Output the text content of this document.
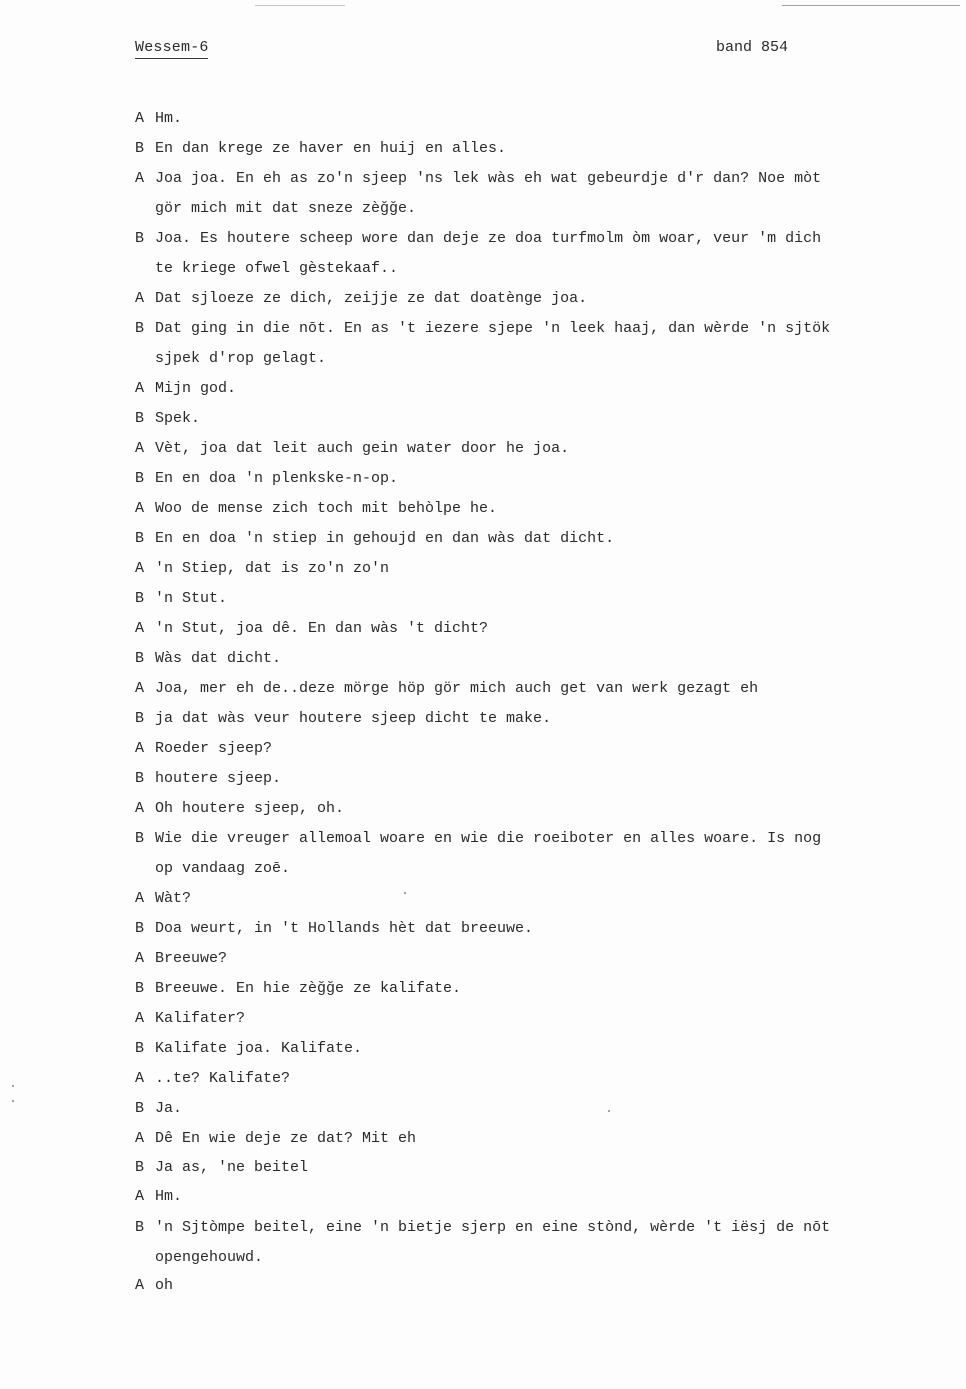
Wessem-6	band 854
A Hm.
B En dan krege ze haver en huij en alles.
A Joa joa. En eh as zo'n sjeep 'ns lek wàs eh wat gebeurdje d'r dan? Noe mòt
gör mich mit dat sneze zèğğe.
B Joa. Es houtere scheep wore dan deje ze doa turfmolm òm woar, veur 'm dich
te kriege ofwel gèstekaaf..
A Dat sjloeze ze dich, zeijje ze dat doatènge joa.
B Dat ging in die nōt. En as 't iezere sjepe 'n leek haaj, dan wèrde 'n sjtök
sjpek d'rop gelagt.
A Mijn god.
B Spek.
A Vèt, joa dat leit auch gein water door he joa.
B En en doa 'n plenkske-n-op.
A Woo de mense zich toch mit behòlpe he.
B En en doa 'n stiep in gehoujd en dan wàs dat dicht.
A 'n Stiep, dat is zo'n zo'n
B 'n Stut.
A 'n Stut, joa dê. En dan wàs 't dicht?
B Wàs dat dicht.
A Joa, mer eh de..deze mörge höp gör mich auch get van werk gezagt eh
B ja dat wàs veur houtere sjeep dicht te make.
A Roeder sjeep?
B houtere sjeep.
A Oh houtere sjeep, oh.
B Wie die vreuger allemoal woare en wie die roeiboter en alles woare. Is nog
op vandaag zoē.
A Wàt?
B Doa weurt, in 't Hollands hèt dat breeuwe.
A Breeuwe?
B Breeuwe. En hie zèğğe ze kalifate.
A Kalifater?
B Kalifate joa. Kalifate.
A ..te? Kalifate?
B Ja.
A Dê En wie deje ze dat? Mit eh
B Ja as, 'ne beitel
A Hm.
B 'n Sjtòmpe beitel, eine 'n bietje sjerp en eine stònd, wèrde 't iësj de nōt
opengehouwd.
A oh
